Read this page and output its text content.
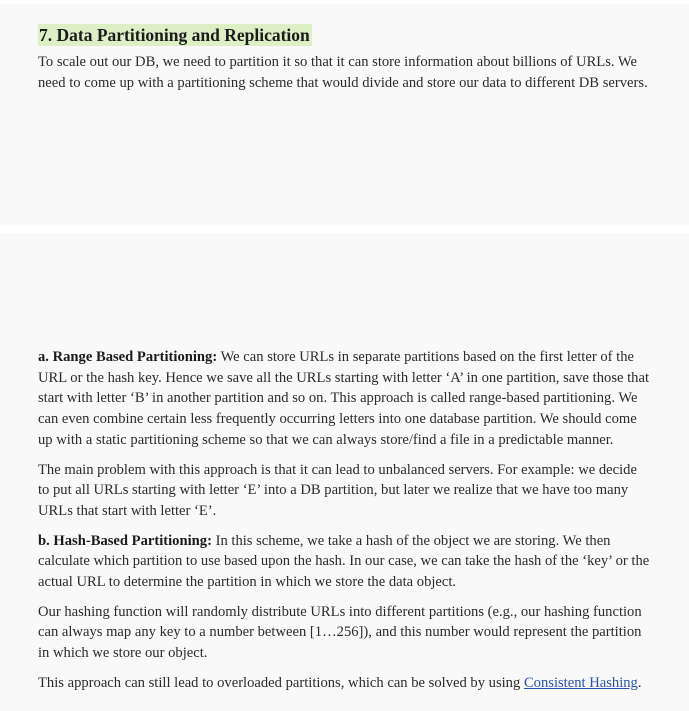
7. Data Partitioning and Replication

To scale out our DB, we need to partition it so that it can store information about billions of URLs. We need to come up with a partitioning scheme that would divide and store our data to different DB servers.

a. Range Based Partitioning: We can store URLs in separate partitions based on the first letter of the URL or the hash key. Hence we save all the URLs starting with letter ‘A’ in one partition, save those that start with letter ‘B’ in another partition and so on. This approach is called range-based partitioning. We can even combine certain less frequently occurring letters into one database partition. We should come up with a static partitioning scheme so that we can always store/find a file in a predictable manner.

The main problem with this approach is that it can lead to unbalanced servers. For example: we decide to put all URLs starting with letter ‘E’ into a DB partition, but later we realize that we have too many URLs that start with letter ‘E’.

b. Hash-Based Partitioning: In this scheme, we take a hash of the object we are storing. We then calculate which partition to use based upon the hash. In our case, we can take the hash of the ‘key’ or the actual URL to determine the partition in which we store the data object.

Our hashing function will randomly distribute URLs into different partitions (e.g., our hashing function can always map any key to a number between [1…256]), and this number would represent the partition in which we store our object.

This approach can still lead to overloaded partitions, which can be solved by using Consistent Hashing.
